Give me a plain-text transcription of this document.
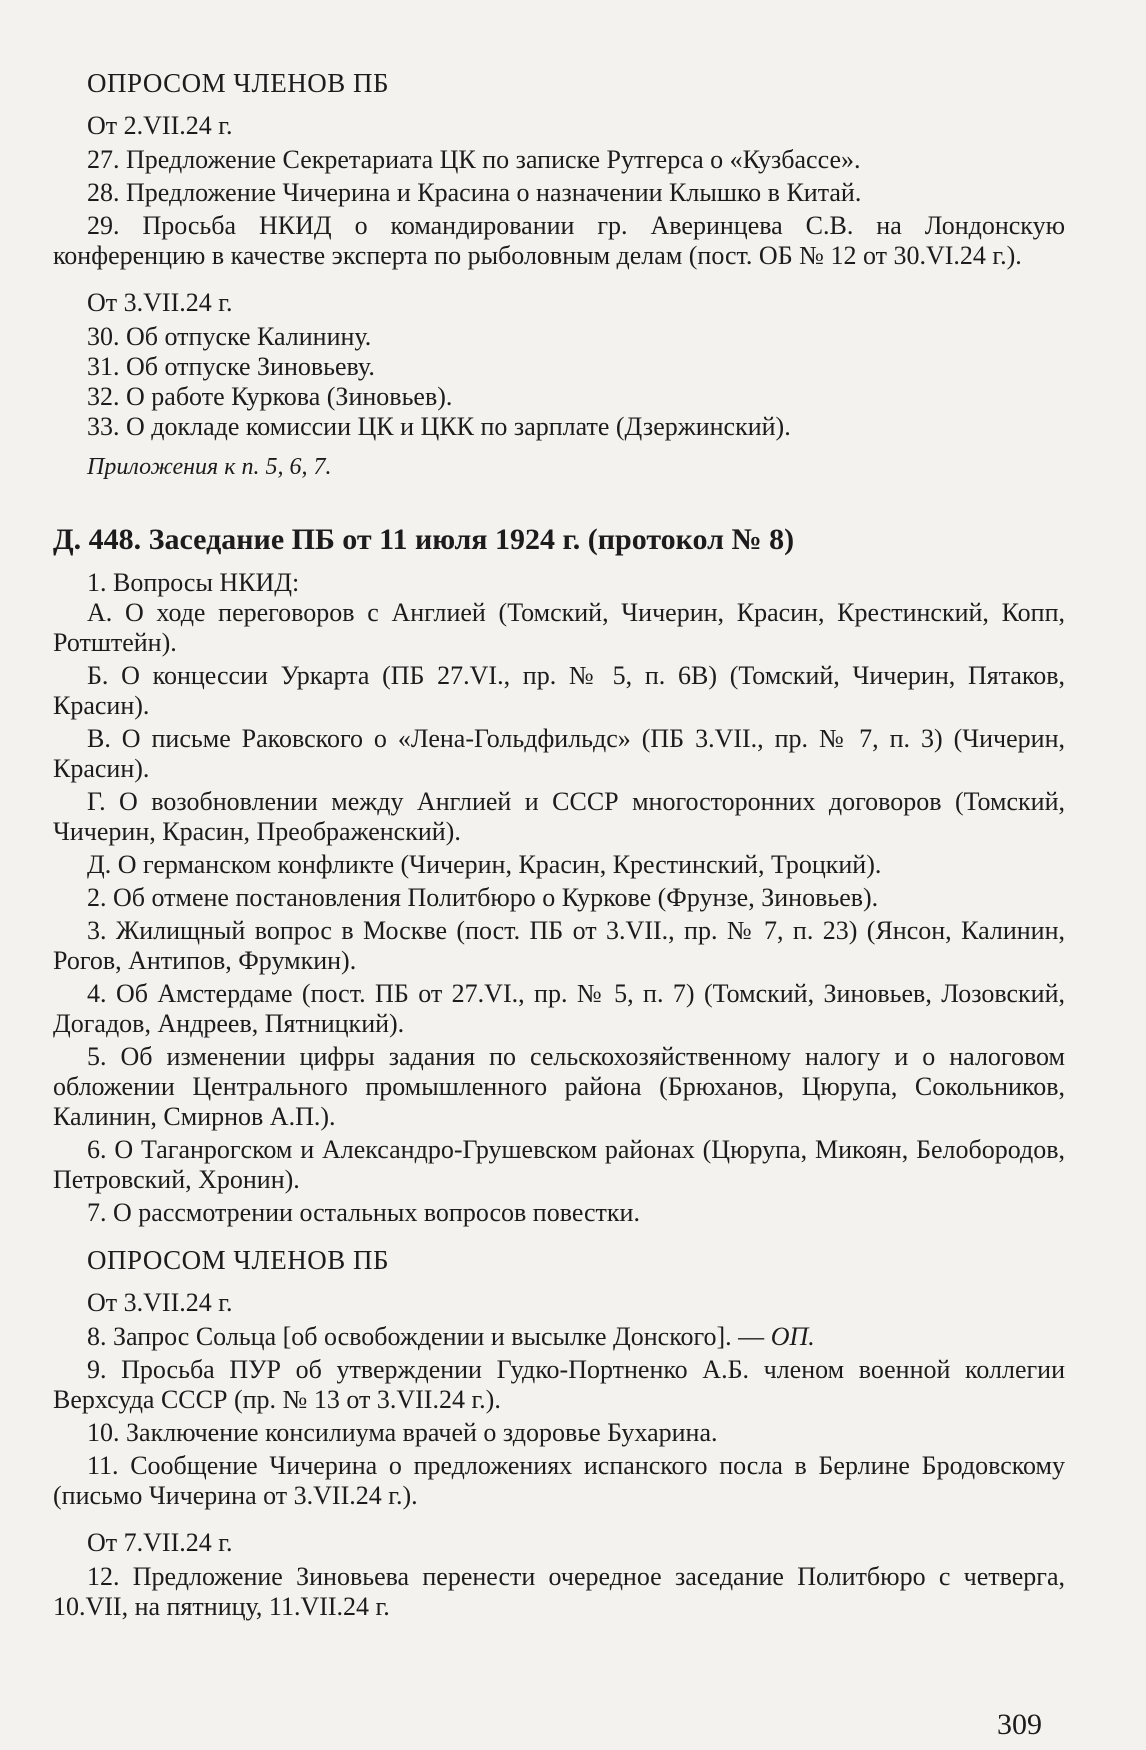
ОПРОСОМ ЧЛЕНОВ ПБ

От 2.VII.24 г.

27. Предложение Секретариата ЦК по записке Рутгерса о «Кузбассе».

28. Предложение Чичерина и Красина о назначении Клышко в Китай.

29. Просьба НКИД о командировании гр. Аверинцева С.В. на Лондонскую конференцию в качестве эксперта по рыболовным делам (пост. ОБ № 12 от 30.VI.24 г.).

От 3.VII.24 г.

30. Об отпуске Калинину.

31. Об отпуске Зиновьеву.

32. О работе Куркова (Зиновьев).

33. О докладе комиссии ЦК и ЦКК по зарплате (Дзержинский).

Приложения к п. 5, 6, 7.

Д. 448. Заседание ПБ от 11 июля 1924 г. (протокол № 8)

1. Вопросы НКИД:

А. О ходе переговоров с Англией (Томский, Чичерин, Красин, Крестинский, Копп, Ротштейн).

Б. О концессии Уркарта (ПБ 27.VI., пр. № 5, п. 6В) (Томский, Чичерин, Пятаков, Красин).

В. О письме Раковского о «Лена-Гольдфильдс» (ПБ 3.VII., пр. № 7, п. 3) (Чичерин, Красин).

Г. О возобновлении между Англией и СССР многосторонних договоров (Томский, Чичерин, Красин, Преображенский).

Д. О германском конфликте (Чичерин, Красин, Крестинский, Троцкий).

2. Об отмене постановления Политбюро о Куркове (Фрунзе, Зиновьев).

3. Жилищный вопрос в Москве (пост. ПБ от 3.VII., пр. № 7, п. 23) (Янсон, Калинин, Рогов, Антипов, Фрумкин).

4. Об Амстердаме (пост. ПБ от 27.VI., пр. № 5, п. 7) (Томский, Зиновьев, Лозовский, Догадов, Андреев, Пятницкий).

5. Об изменении цифры задания по сельскохозяйственному налогу и о налоговом обложении Центрального промышленного района (Брюханов, Цюрупа, Сокольников, Калинин, Смирнов А.П.).

6. О Таганрогском и Александро-Грушевском районах (Цюрупа, Микоян, Белобородов, Петровский, Хронин).

7. О рассмотрении остальных вопросов повестки.

ОПРОСОМ ЧЛЕНОВ ПБ

От 3.VII.24 г.

8. Запрос Сольца [об освобождении и высылке Донского]. — ОП.

9. Просьба ПУР об утверждении Гудко-Портненко А.Б. членом военной коллегии Верхсуда СССР (пр. № 13 от 3.VII.24 г.).

10. Заключение консилиума врачей о здоровье Бухарина.

11. Сообщение Чичерина о предложениях испанского посла в Берлине Бродовскому (письмо Чичерина от 3.VII.24 г.).

От 7.VII.24 г.

12. Предложение Зиновьева перенести очередное заседание Политбюро с четверга, 10.VII, на пятницу, 11.VII.24 г.

309
